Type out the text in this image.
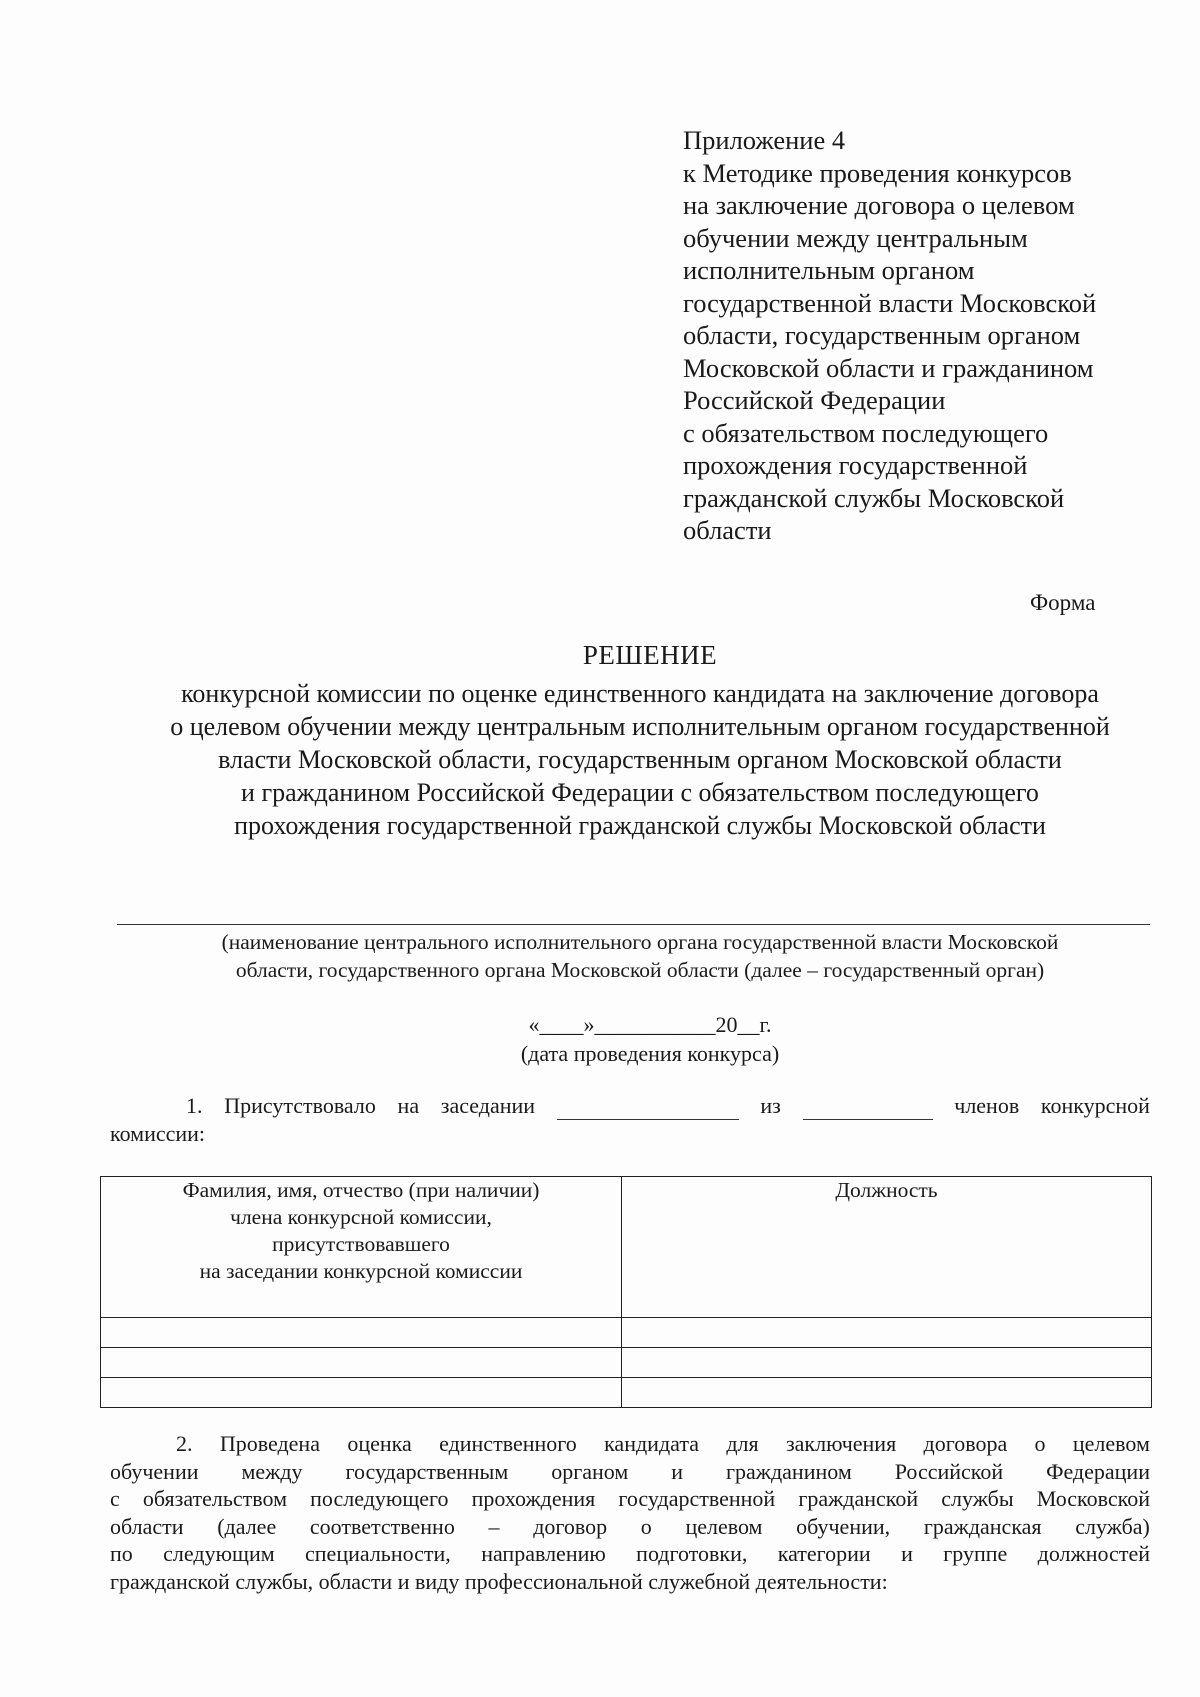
Приложение 4
к Методике проведения конкурсов
на заключение договора о целевом
обучении между центральным
исполнительным органом
государственной власти Московской
области, государственным органом
Московской области и гражданином
Российской Федерации
с обязательством последующего
прохождения государственной
гражданской службы Московской
области
Форма
РЕШЕНИЕ
конкурсной комиссии по оценке единственного кандидата на заключение договора
о целевом обучении между центральным исполнительным органом государственной
власти Московской области, государственным органом Московской области
и гражданином Российской Федерации с обязательством последующего
прохождения государственной гражданской службы Московской области
(наименование центрального исполнительного органа государственной власти Московской
области, государственного органа Московской области (далее – государственный орган)
«____»___________20__г.
(дата проведения конкурса)
1. Присутствовало на заседании	из	членов конкурсной
комиссии:
Фамилия, имя, отчество (при наличии)
члена конкурсной комиссии,
присутствовавшего
на заседании конкурсной комиссии	Должность

2. Проведена оценка единственного кандидата для заключения договора о целевом
обучении между государственным органом и гражданином Российской Федерации
с обязательством последующего прохождения государственной гражданской службы Московской
области (далее соответственно – договор о целевом обучении, гражданская служба)
по следующим специальности, направлению подготовки, категории и группе должностей
гражданской службы, области и виду профессиональной служебной деятельности:
